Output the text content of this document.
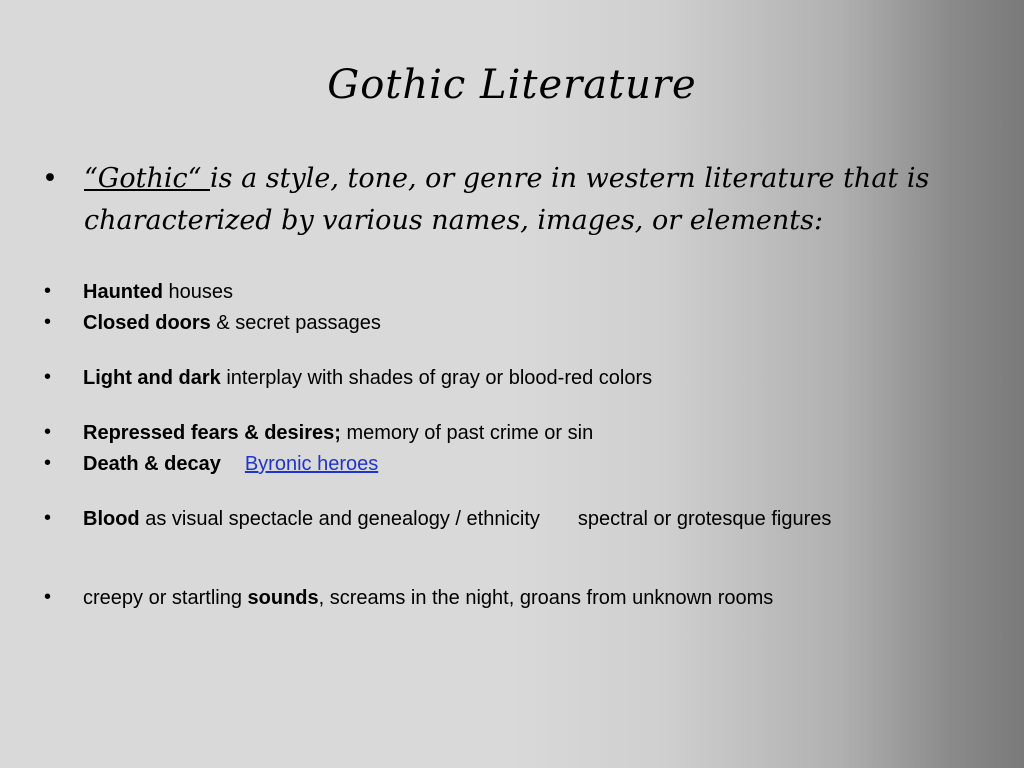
Gothic Literature
• “Gothic“ is a style, tone, or genre in western literature that is characterized by various names, images, or elements:
• Haunted houses
• Closed doors & secret passages
• Light and dark interplay with shades of gray or blood-red colors
• Repressed fears & desires; memory of past crime or sin
• Death & decay Byronic heroes
• Blood as visual spectacle and genealogy / ethnicity spectral or grotesque figures
• creepy or startling sounds, screams in the night, groans from unknown rooms
